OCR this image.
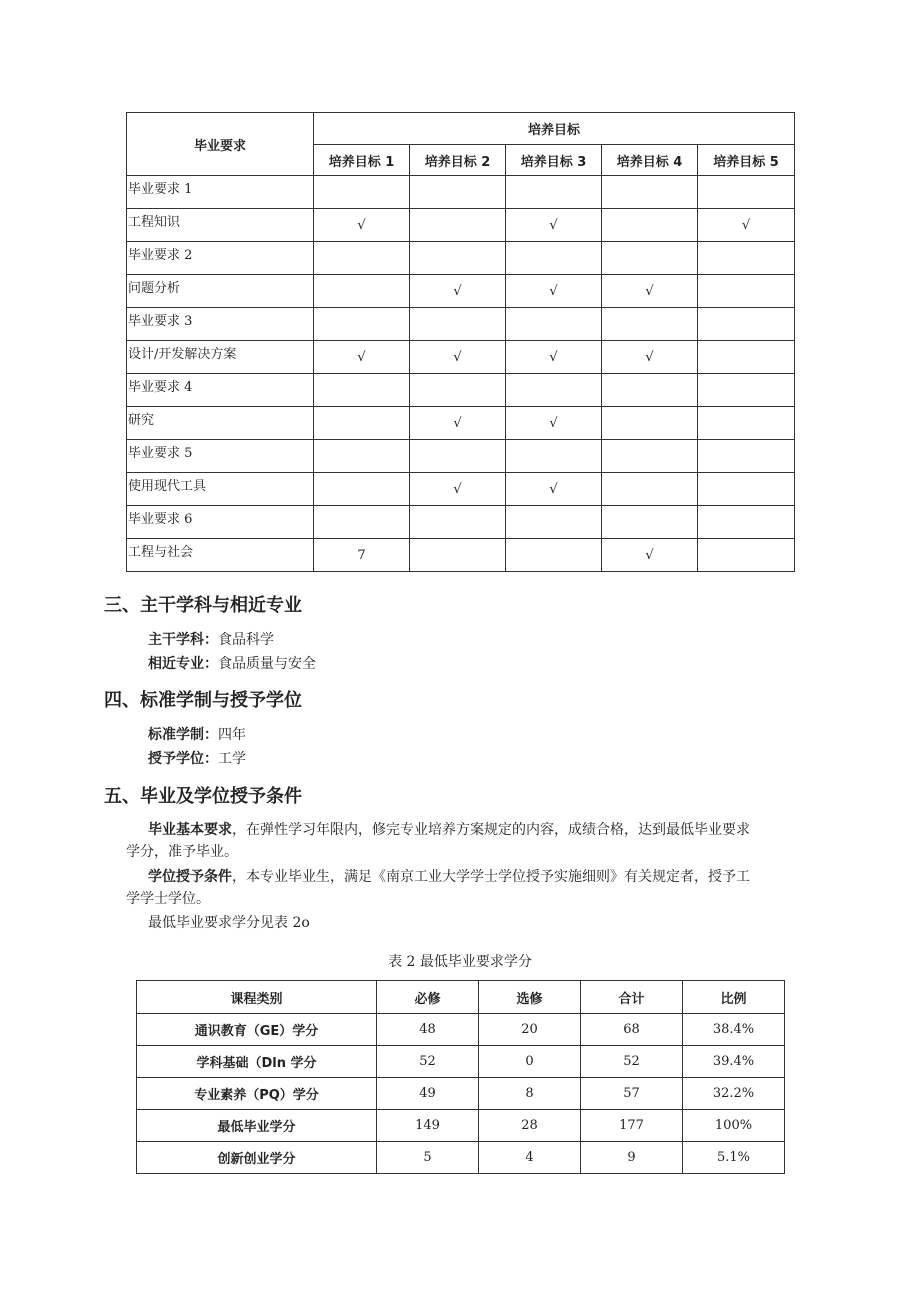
毕业要求	培养目标				
	培养目标 1	培养目标 2	培养目标 3	培养目标 4	培养目标 5
毕业要求 1					
工程知识	√		√		√
毕业要求 2					
问题分析		√	√	√	
毕业要求 3					
设计/开发解决方案	√	√	√	√	
毕业要求 4					
研究		√	√		
毕业要求 5					
使用现代工具		√	√		
毕业要求 6					
工程与社会	7			√	
三、主干学科与相近专业

主干学科：食品科学

相近专业：食品质量与安全

四、标准学制与授予学位

标准学制：四年

授予学位：工学

五、毕业及学位授予条件

毕业基本要求，在弹性学习年限内，修完专业培养方案规定的内容，成绩合格，达到最低毕业要求
学分，准予毕业。

学位授予条件，本专业毕业生，满足《南京工业大学学士学位授予实施细则》有关规定者，授予工
学学士学位。

最低毕业要求学分见表 2o

表 2 最低毕业要求学分

课程类别	必修	选修	合计	比例
通识教育（GE）学分	48	20	68	38.4%
学科基础（Dln 学分	52	0	52	39.4%
专业素养（PQ）学分	49	8	57	32.2%
最低毕业学分	149	28	177	100%
创新创业学分	5	4	9	5.1%
